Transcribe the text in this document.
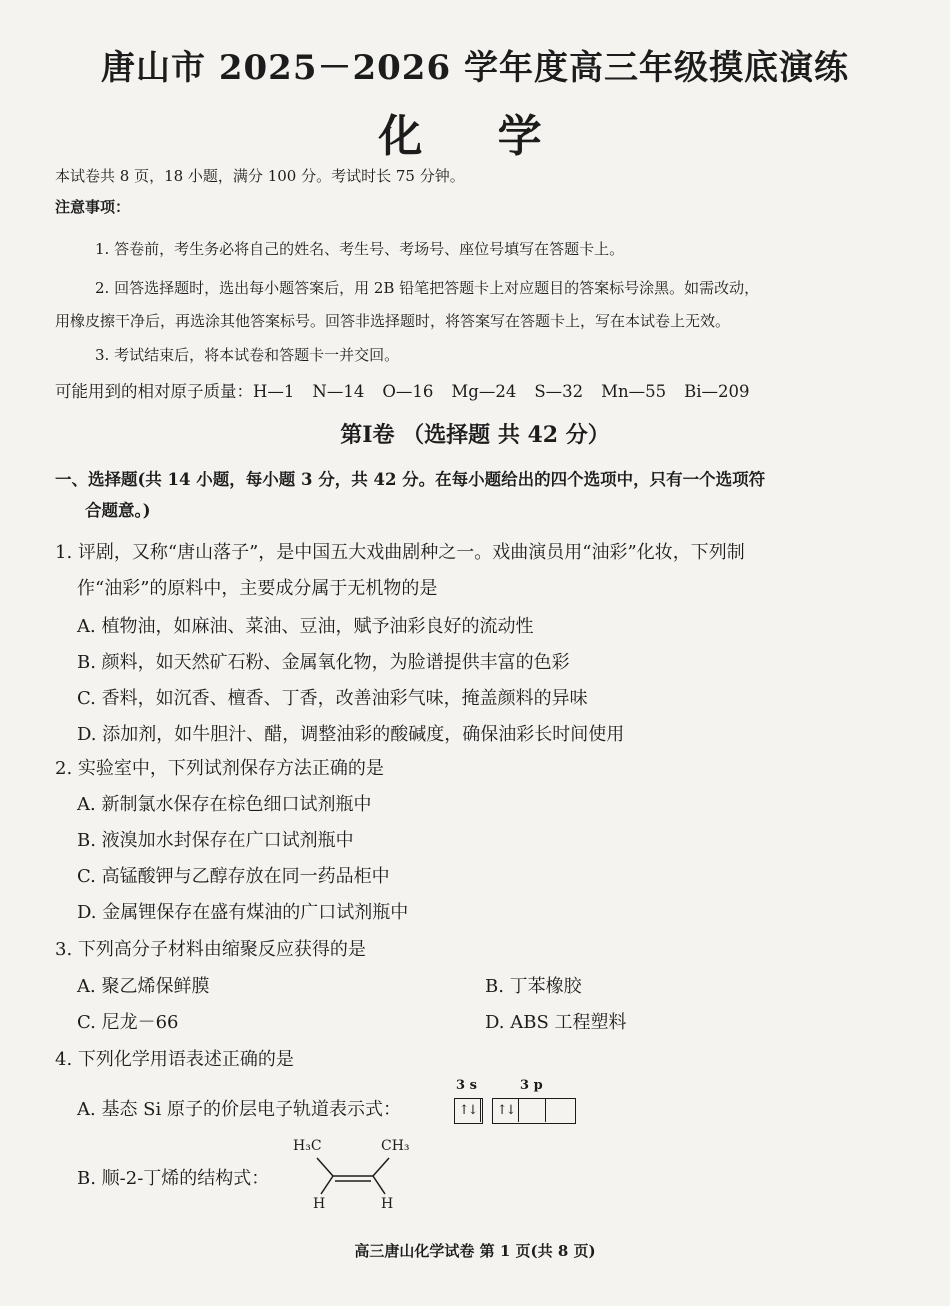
唐山市 2025－2026 学年度高三年级摸底演练
化 学
本试卷共 8 页，18 小题，满分 100 分。考试时长 75 分钟。
注意事项：
1. 答卷前，考生务必将自己的姓名、考生号、考场号、座位号填写在答题卡上。
2. 回答选择题时，选出每小题答案后，用 2B 铅笔把答题卡上对应题目的答案标号涂黑。如需改动，
用橡皮擦干净后，再选涂其他答案标号。回答非选择题时，将答案写在答题卡上，写在本试卷上无效。
3. 考试结束后，将本试卷和答题卡一并交回。
可能用到的相对原子质量：H—1 N—14 O—16 Mg—24 S—32 Mn—55 Bi—209
第Ⅰ卷 （选择题 共 42 分）
一、选择题(共 14 小题，每小题 3 分，共 42 分。在每小题给出的四个选项中，只有一个选项符
合题意。)
1. 评剧，又称“唐山落子”，是中国五大戏曲剧种之一。戏曲演员用“油彩”化妆，下列制
作“油彩”的原料中，主要成分属于无机物的是
A. 植物油，如麻油、菜油、豆油，赋予油彩良好的流动性
B. 颜料，如天然矿石粉、金属氧化物，为脸谱提供丰富的色彩
C. 香料，如沉香、檀香、丁香，改善油彩气味，掩盖颜料的异味
D. 添加剂，如牛胆汁、醋，调整油彩的酸碱度，确保油彩长时间使用
2. 实验室中，下列试剂保存方法正确的是
A. 新制氯水保存在棕色细口试剂瓶中
B. 液溴加水封保存在广口试剂瓶中
C. 高锰酸钾与乙醇存放在同一药品柜中
D. 金属锂保存在盛有煤油的广口试剂瓶中
3. 下列高分子材料由缩聚反应获得的是
A. 聚乙烯保鲜膜	B. 丁苯橡胶
C. 尼龙－66	D. ABS 工程塑料
4. 下列化学用语表述正确的是
A. 基态 Si 原子的价层电子轨道表示式：
3 s	3 p
↑↓	↑↓
B. 顺-2-丁烯的结构式：
H₃C	CH₃
H	H
高三唐山化学试卷 第 1 页(共 8 页)
